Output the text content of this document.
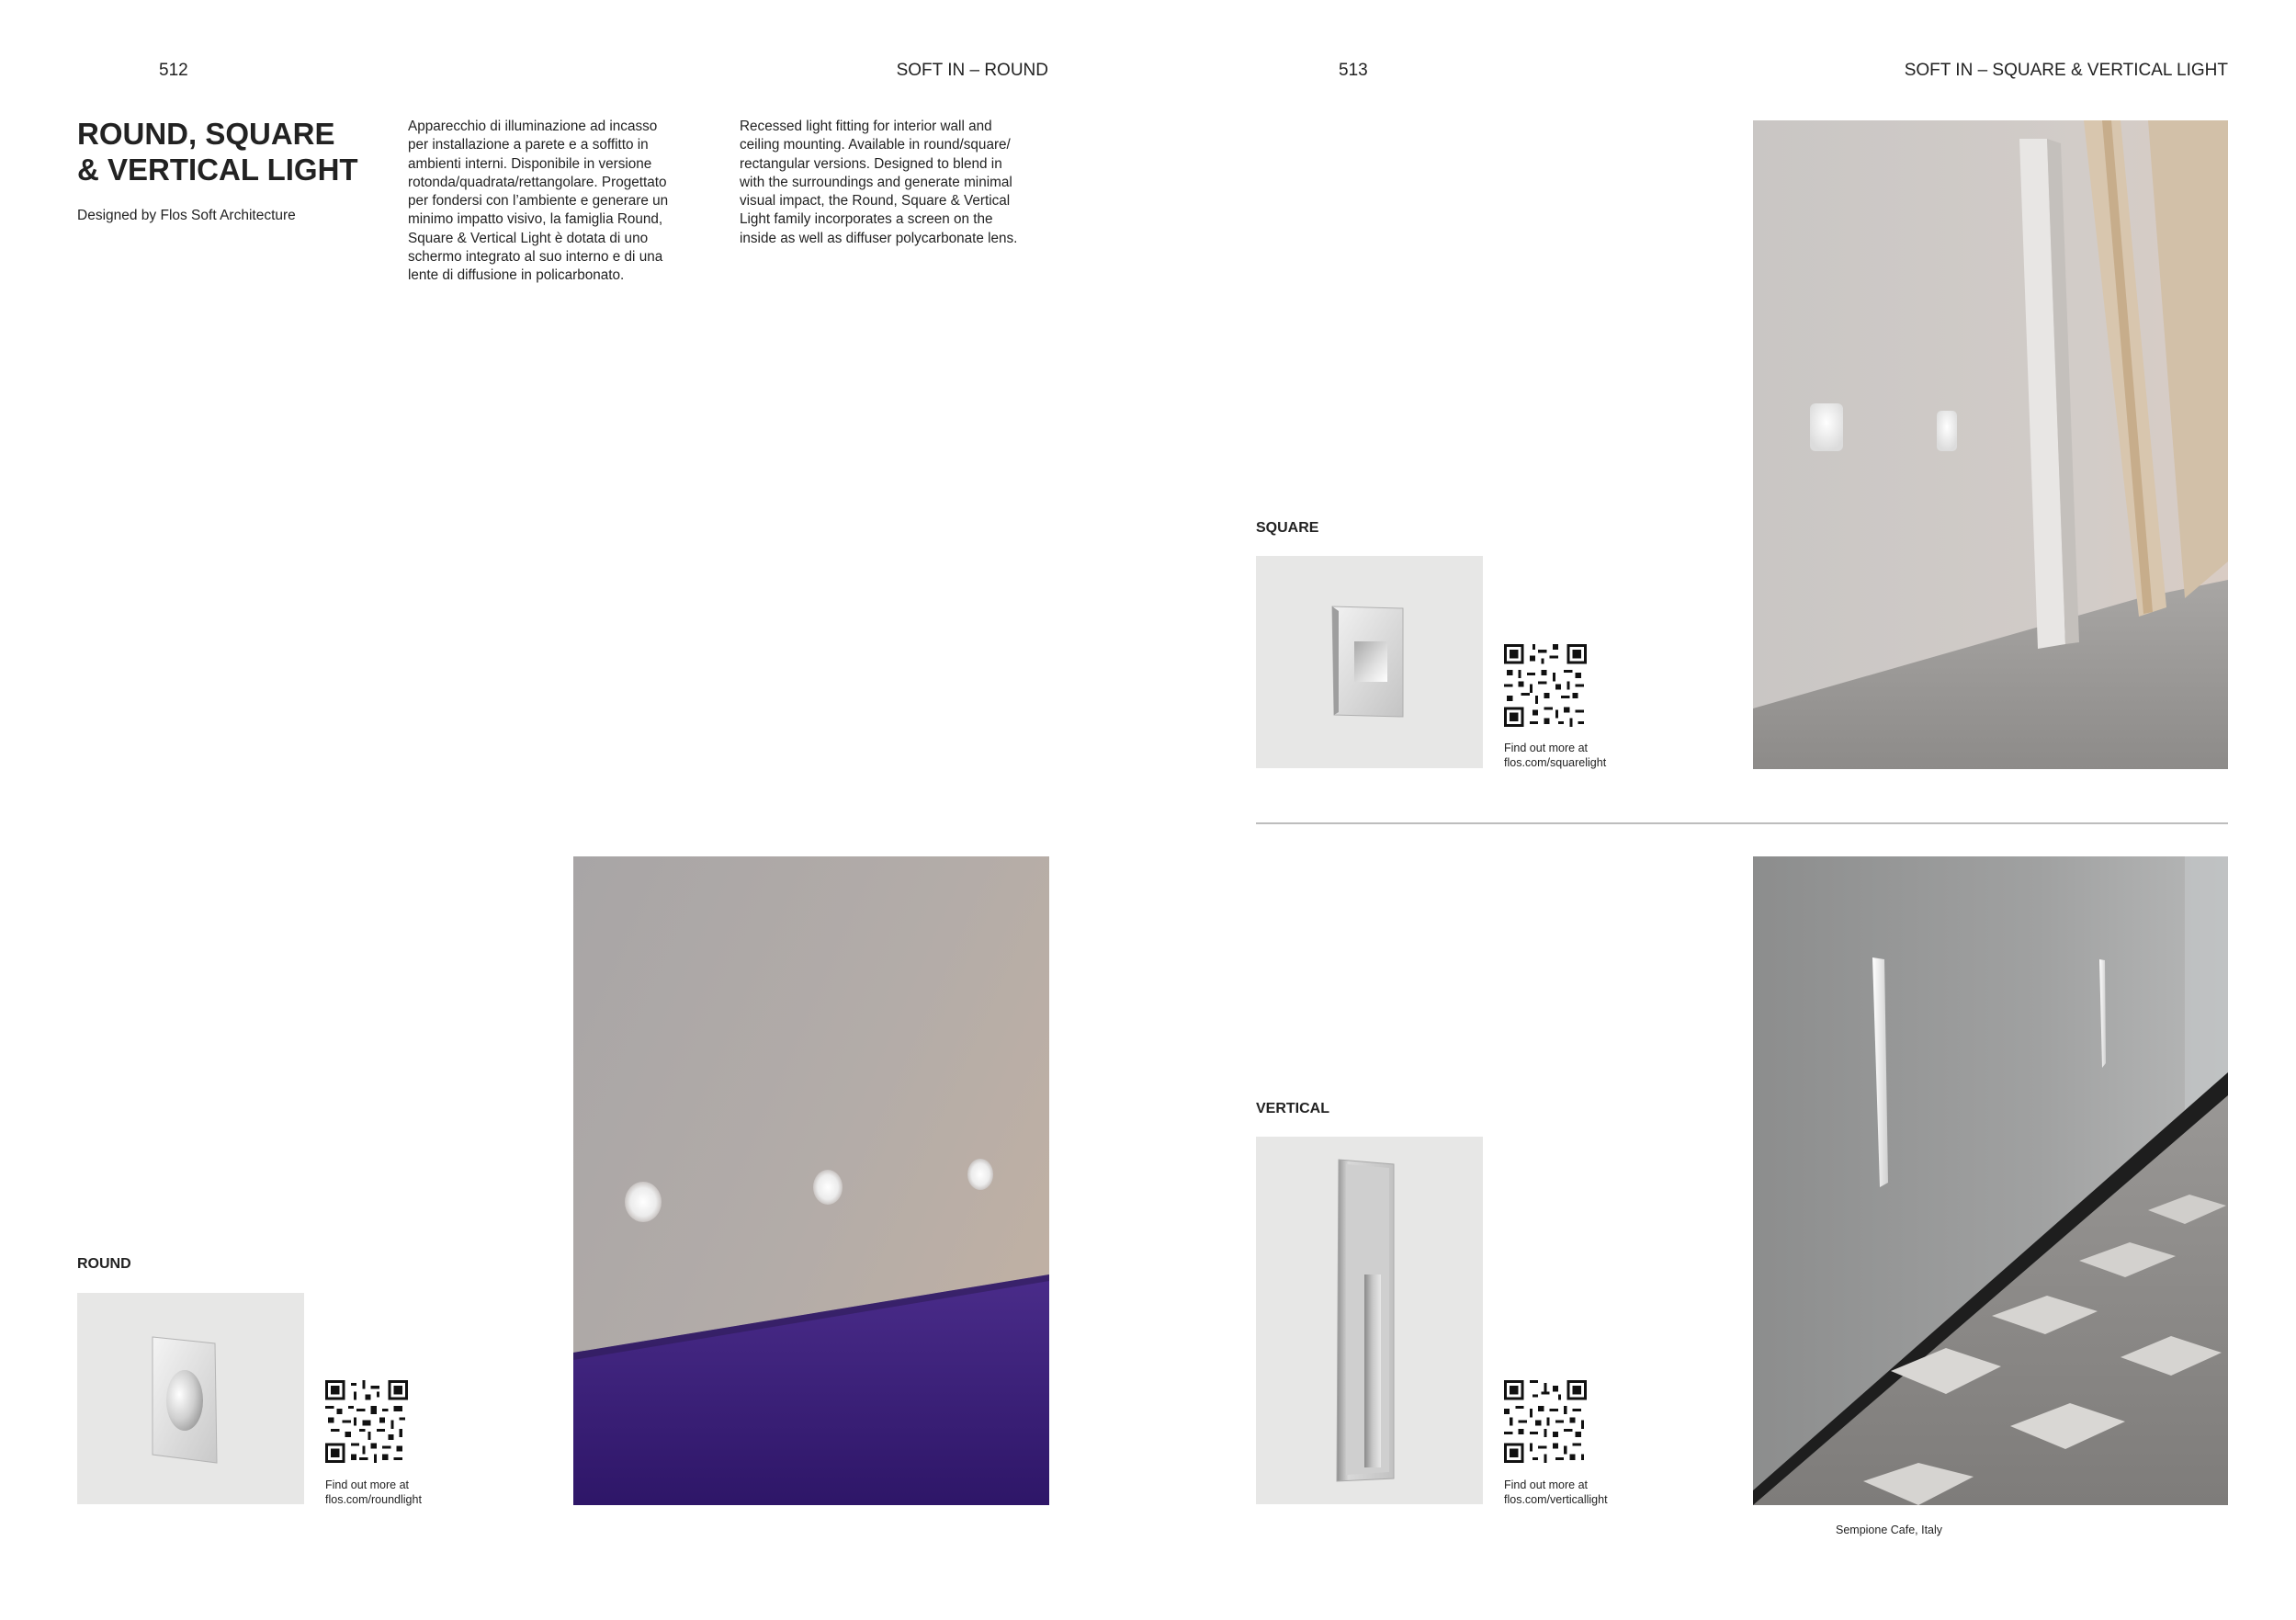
512	SOFT IN – ROUND
ROUND, SQUARE
& VERTICAL LIGHT
Designed by Flos Soft Architecture
Apparecchio di illuminazione ad incasso
per installazione a parete e a soffitto in
ambienti interni. Disponibile in versione
rotonda/quadrata/rettangolare. Progettato
per fondersi con l’ambiente e generare un
minimo impatto visivo, la famiglia Round,
Square & Vertical Light è dotata di uno
schermo integrato al suo interno e di una
lente di diffusione in policarbonato.
Recessed light fitting for interior wall and
ceiling mounting. Available in round/square/
rectangular versions. Designed to blend in
with the surroundings and generate minimal
visual impact, the Round, Square & Vertical
Light family incorporates a screen on the
inside as well as diffuser polycarbonate lens.
ROUND
Find out more at
flos.com/roundlight
513	SOFT IN – SQUARE & VERTICAL LIGHT
SQUARE
Find out more at
flos.com/squarelight
VERTICAL
Find out more at
flos.com/verticallight
Sempione Cafe, Italy
